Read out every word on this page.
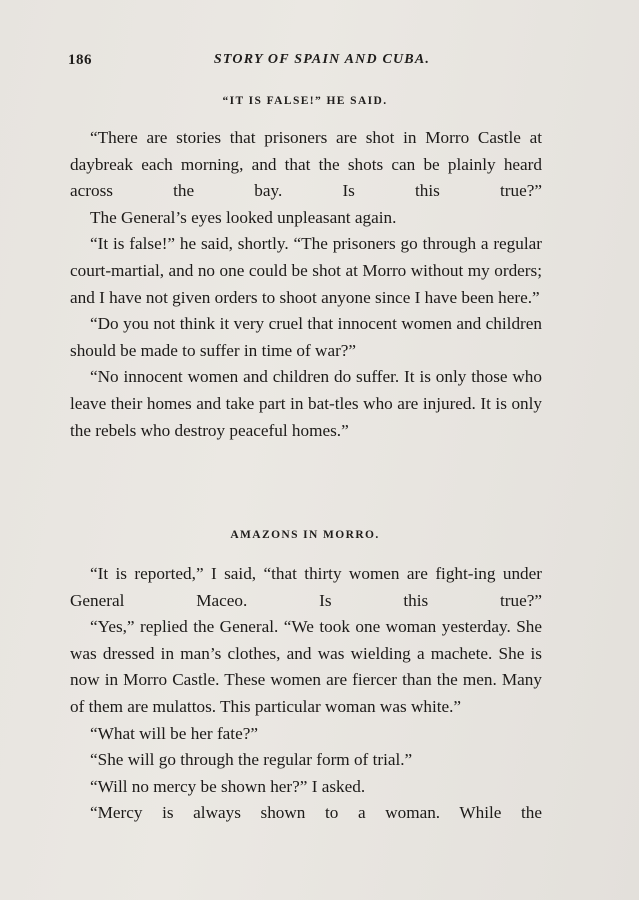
186	STORY OF SPAIN AND CUBA.
“IT IS FALSE!” HE SAID.

“There are stories that prisoners are shot in Morro Castle at daybreak each morning, and that the shots can be plainly heard across the bay. Is this true?”

The General’s eyes looked unpleasant again.

“It is false!” he said, shortly. “The prisoners go through a regular court-martial, and no one could be shot at Morro without my orders; and I have not given orders to shoot anyone since I have been here.”

“Do you not think it very cruel that innocent women and children should be made to suffer in time of war?”

“No innocent women and children do suffer. It is only those who leave their homes and take part in bat-tles who are injured. It is only the rebels who destroy peaceful homes.”

AMAZONS IN MORRO.

“It is reported,” I said, “that thirty women are fight-ing under General Maceo. Is this true?”

“Yes,” replied the General. “We took one woman yesterday. She was dressed in man’s clothes, and was wielding a machete. She is now in Morro Castle. These women are fiercer than the men. Many of them are mulattos. This particular woman was white.”

“What will be her fate?”

“She will go through the regular form of trial.”

“Will no mercy be shown her?” I asked.

“Mercy is always shown to a woman. While the
